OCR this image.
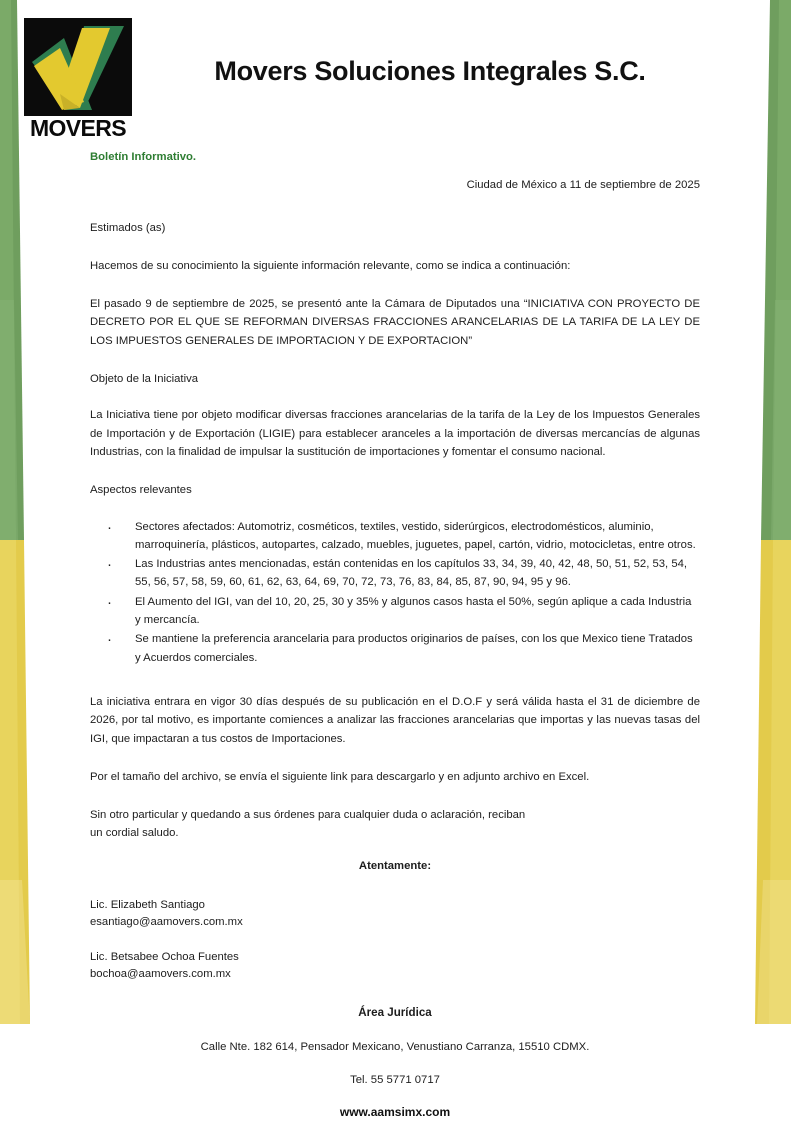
MOVERS
Movers Soluciones Integrales S.C.

Boletín Informativo.

Ciudad de México a 11 de septiembre de 2025

Estimados (as)

Hacemos de su conocimiento la siguiente información relevante, como se indica a continuación:

El pasado 9 de septiembre de 2025, se presentó ante la Cámara de Diputados una “INICIATIVA CON PROYECTO DE DECRETO POR EL QUE SE REFORMAN DIVERSAS FRACCIONES ARANCELARIAS DE LA TARIFA DE LA LEY DE LOS IMPUESTOS GENERALES DE IMPORTACION Y DE EXPORTACION”

Objeto de la Iniciativa

La Iniciativa tiene por objeto modificar diversas fracciones arancelarias de la tarifa de la Ley de los Impuestos Generales de Importación y de Exportación (LIGIE) para establecer aranceles a la importación de diversas mercancías de algunas Industrias, con la finalidad de impulsar la sustitución de importaciones y fomentar el consumo nacional.

Aspectos relevantes

· Sectores afectados: Automotriz, cosméticos, textiles, vestido, siderúrgicos, electrodomésticos, aluminio, marroquinería, plásticos, autopartes, calzado, muebles, juguetes, papel, cartón, vidrio, motocicletas, entre otros.
· Las Industrias antes mencionadas, están contenidas en los capítulos 33, 34, 39, 40, 42, 48, 50, 51, 52, 53, 54, 55, 56, 57, 58, 59, 60, 61, 62, 63, 64, 69, 70, 72, 73, 76, 83, 84, 85, 87, 90, 94, 95 y 96.
· El Aumento del IGI, van del 10, 20, 25, 30 y 35% y algunos casos hasta el 50%, según aplique a cada Industria y mercancía.
· Se mantiene la preferencia arancelaria para productos originarios de países, con los que Mexico tiene Tratados y Acuerdos comerciales.

La iniciativa entrara en vigor 30 días después de su publicación en el D.O.F y será válida hasta el 31 de diciembre de 2026, por tal motivo, es importante comiences a analizar las fracciones arancelarias que importas y las nuevas tasas del IGI, que impactaran a tus costos de Importaciones.

Por el tamaño del archivo, se envía el siguiente link para descargarlo y en adjunto archivo en Excel.

Sin otro particular y quedando a sus órdenes para cualquier duda o aclaración, reciban
un cordial saludo.

Atentamente:

Lic. Elizabeth Santiago
esantiago@aamovers.com.mx
Lic. Betsabee Ochoa Fuentes
bochoa@aamovers.com.mx

Área Jurídica

Calle Nte. 182 614, Pensador Mexicano, Venustiano Carranza, 15510 CDMX.

Tel. 55 5771 0717

www.aamsimx.com
